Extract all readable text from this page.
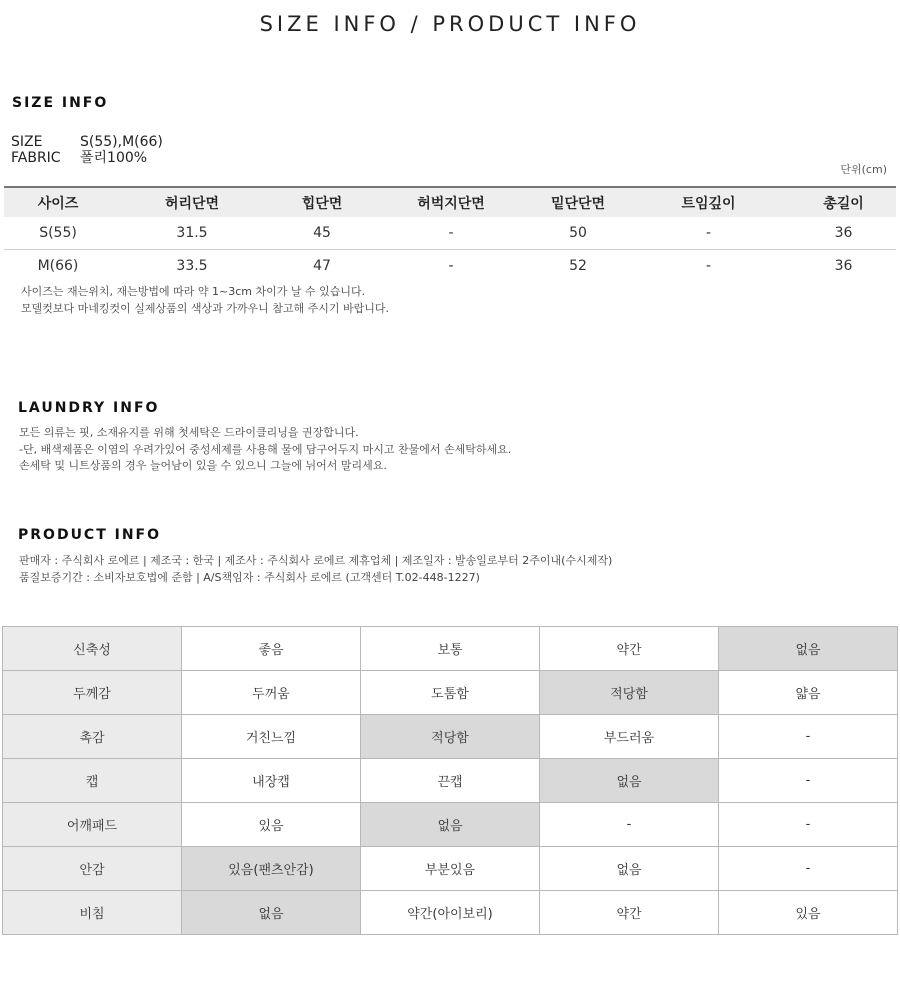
SIZE INFO / PRODUCT INFO
SIZE INFO
SIZE	S(55),M(66)
FABRIC 폴리100%
단위(cm)
사이즈	허리단면	힙단면	허벅지단면	밑단단면	트임깊이	총길이
S(55)	31.5	45	-	50	-	36
M(66)	33.5	47	-	52	-	36
사이즈는 재는위치, 재는방법에 따라 약 1~3cm 차이가 날 수 있습니다.
모델컷보다 마네킹컷이 실제상품의 색상과 가까우니 참고해 주시기 바랍니다.
LAUNDRY INFO
모든 의류는 핏, 소재유지를 위해 첫세탁은 드라이클리닝을 권장합니다.
-단, 배색제품은 이염의 우려가있어 중성세제를 사용해 물에 담구어두지 마시고 찬물에서 손세탁하세요.
손세탁 및 니트상품의 경우 늘어남이 있을 수 있으니 그늘에 뉘어서 말리세요.
PRODUCT INFO
판매자 : 주식회사 로에르 | 제조국 : 한국 | 제조사 : 주식회사 로에르 제휴업체 | 제조일자 : 발송일로부터 2주이내(수시제작)
품질보증기간 : 소비자보호법에 준함 | A/S책임자 : 주식회사 로에르 (고객센터 T.02-448-1227)
신축성	좋음	보통	약간	없음
두께감	두꺼움	도톰함	적당함	얇음
촉감	거친느낌	적당함	부드러움	-
캡	내장캡	끈캡	없음	-
어깨패드	있음	없음	-	-
안감	있음(팬츠안감)	부분있음	없음	-
비침	없음	약간(아이보리)	약간	있음
